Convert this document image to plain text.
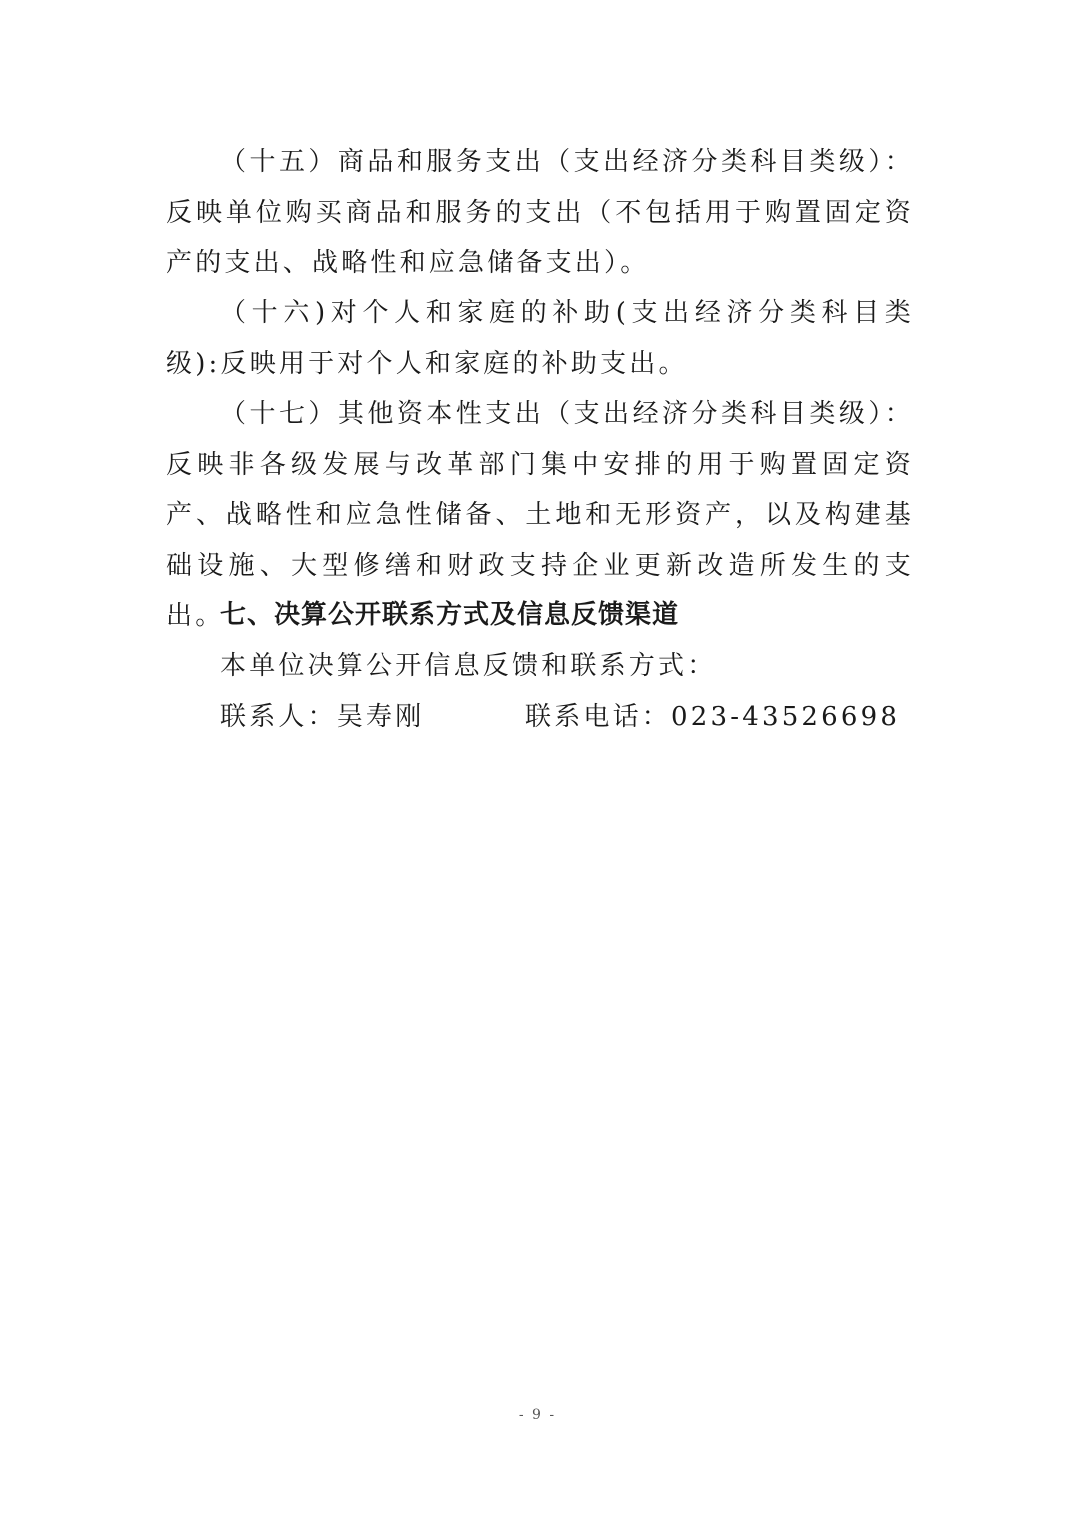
（十五）商品和服务支出（支出经济分类科目类级）：反映单位购买商品和服务的支出（不包括用于购置固定资产的支出、战略性和应急储备支出）。

（十六)对个人和家庭的补助(支出经济分类科目类级):反映用于对个人和家庭的补助支出。

（十七）其他资本性支出（支出经济分类科目类级）：反映非各级发展与改革部门集中安排的用于购置固定资产、战略性和应急性储备、土地和无形资产，以及构建基础设施、大型修缮和财政支持企业更新改造所发生的支出。

七、决算公开联系方式及信息反馈渠道

本单位决算公开信息反馈和联系方式：

联系人：吴寿刚	联系电话：023-43526698

- 9 -
